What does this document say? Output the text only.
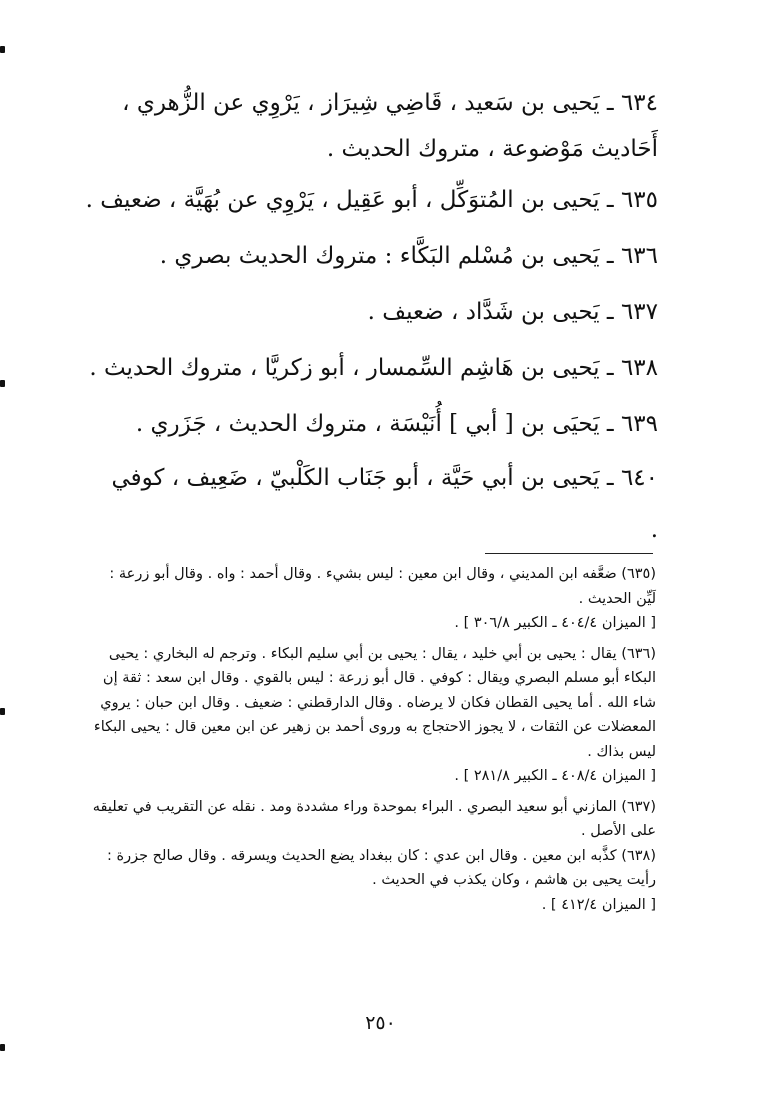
٦٣٤ ـ يَحيى بن سَعيد ، قَاضِي شِيرَاز ، يَرْوِي عن الزُّهري ، أَحَاديث مَوْضوعة ، متروك الحديث .
٦٣٥ ـ يَحيى بن المُتوَكِّل ، أبو عَقِيل ، يَرْوِي عن بُهَيَّة ، ضعيف .
٦٣٦ ـ يَحيى بن مُسْلم البَكَّاء : متروك الحديث بصري .
٦٣٧ ـ يَحيى بن شَدَّاد ، ضعيف .
٦٣٨ ـ يَحيى بن هَاشِم السِّمسار ، أبو زكريَّا ، متروك الحديث .
٦٣٩ ـ يَحيَى بن [ أبي ] أُنَيْسَة ، متروك الحديث ، جَزَري .
٦٤٠ ـ يَحيى بن أبي حَيَّة ، أبو جَنَاب الكَلْبيّ ، ضَعِيف ، كوفي .
(٦٣٥) ضعَّفه ابن المديني ، وقال ابن معين : ليس بشيء . وقال أحمد : واه . وقال أبو زرعة : لَيِّن الحديث .
[ الميزان ٤٠٤/٤ ـ الكبير ٣٠٦/٨ ] .
(٦٣٦) يقال : يحيى بن أبي خليد ، يقال : يحيى بن أبي سليم البكاء . وترجم له البخاري : يحيى البكاء أبو مسلم البصري ويقال : كوفي . قال أبو زرعة : ليس بالقوي . وقال ابن سعد : ثقة إن شاء الله . أما يحيى القطان فكان لا يرضاه . وقال الدارقطني : ضعيف . وقال ابن حبان : يروي المعضلات عن الثقات ، لا يجوز الاحتجاج به وروى أحمد بن زهير عن ابن معين قال : يحيى البكاء ليس بذاك .
[ الميزان ٤٠٨/٤ ـ الكبير ٢٨١/٨ ] .
(٦٣٧) المازني أبو سعيد البصري . البراء بموحدة وراء مشددة ومد . نقله عن التقريب في تعليقه على الأصل .
(٦٣٨) كذَّبه ابن معين . وقال ابن عدي : كان ببغداد يضع الحديث ويسرقه . وقال صالح جزرة : رأيت يحيى بن هاشم ، وكان يكذب في الحديث .
[ الميزان ٤١٢/٤ ] .
٢٥٠
